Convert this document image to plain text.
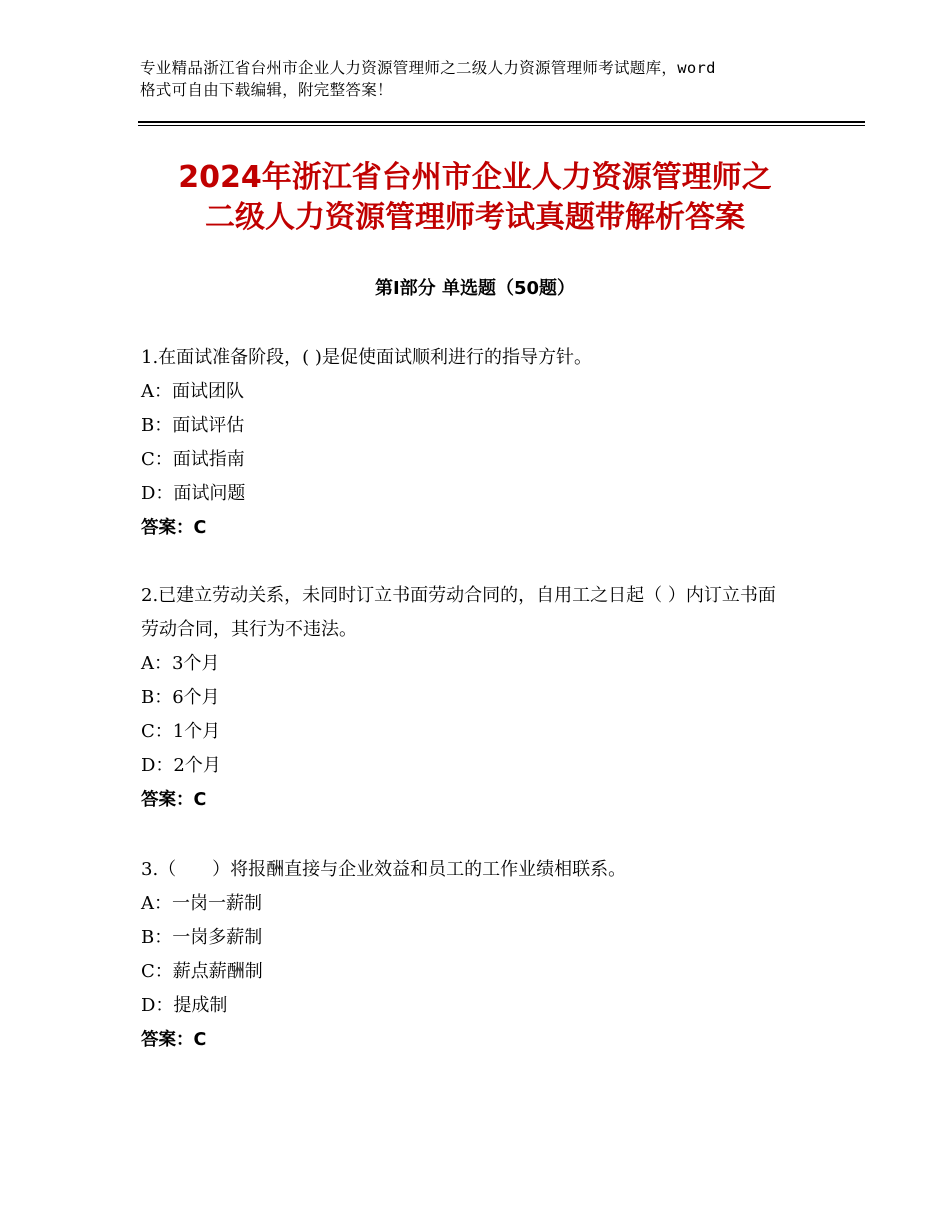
专业精品浙江省台州市企业人力资源管理师之二级人力资源管理师考试题库，word
格式可自由下载编辑，附完整答案！
2024年浙江省台州市企业人力资源管理师之
二级人力资源管理师考试真题带解析答案
第Ⅰ部分 单选题（50题）
1.在面试准备阶段，( )是促使面试顺利进行的指导方针。
A：面试团队
B：面试评估
C：面试指南
D：面试问题
答案：C
2.已建立劳动关系，未同时订立书面劳动合同的，自用工之日起（ ）内订立书面劳动合同，其行为不违法。
A：3个月
B：6个月
C：1个月
D：2个月
答案：C
3.（　　）将报酬直接与企业效益和员工的工作业绩相联系。
A：一岗一薪制
B：一岗多薪制
C：薪点薪酬制
D：提成制
答案：C
